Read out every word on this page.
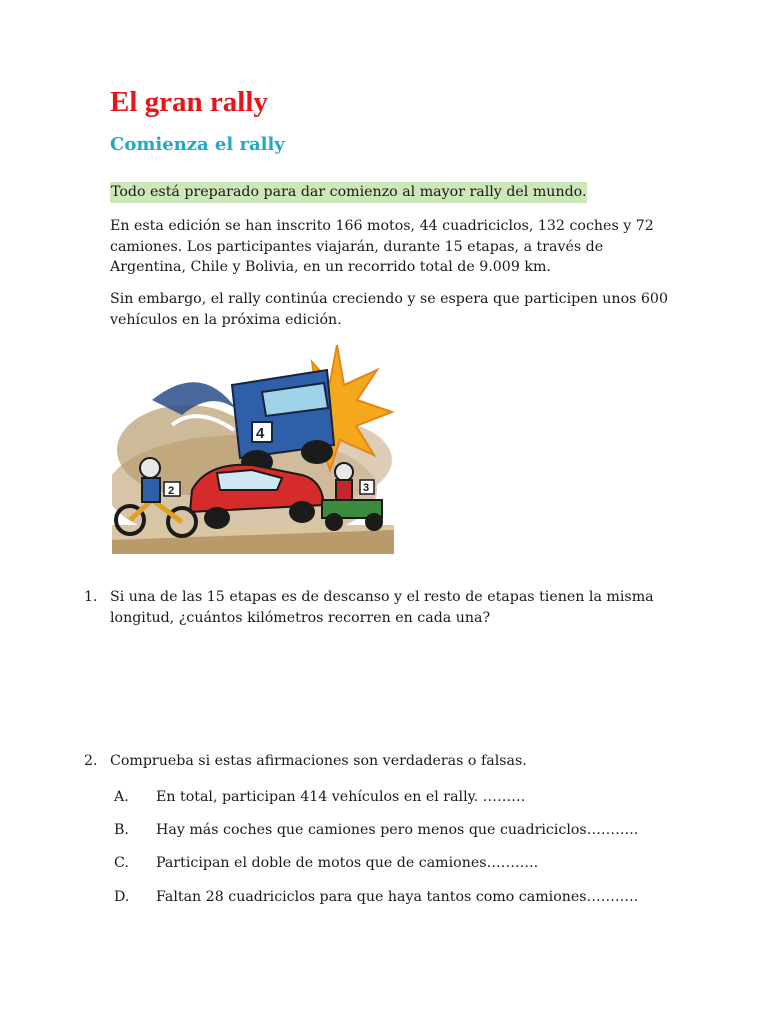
El gran rally
Comienza el rally

Todo está preparado para dar comienzo al mayor rally del mundo.

En esta edición se han inscrito 166 motos, 44 cuadriciclos, 132 coches y 72 camiones. Los participantes viajarán, durante 15 etapas, a través de Argentina, Chile y Bolivia, en un recorrido total de 9.009 km.

Sin embargo, el rally continúa creciendo y se espera que participen unos 600 vehículos en la próxima edición.

4
2	3
1. Si una de las 15 etapas es de descanso y el resto de etapas tienen la misma longitud, ¿cuántos kilómetros recorren en cada una?
2. Comprueba si estas afirmaciones son verdaderas o falsas.
A. En total, participan 414 vehículos en el rally. ………
B. Hay más coches que camiones pero menos que cuadriciclos………..
C. Participan el doble de motos que de camiones………..
D. Faltan 28 cuadriciclos para que haya tantos como camiones………..
